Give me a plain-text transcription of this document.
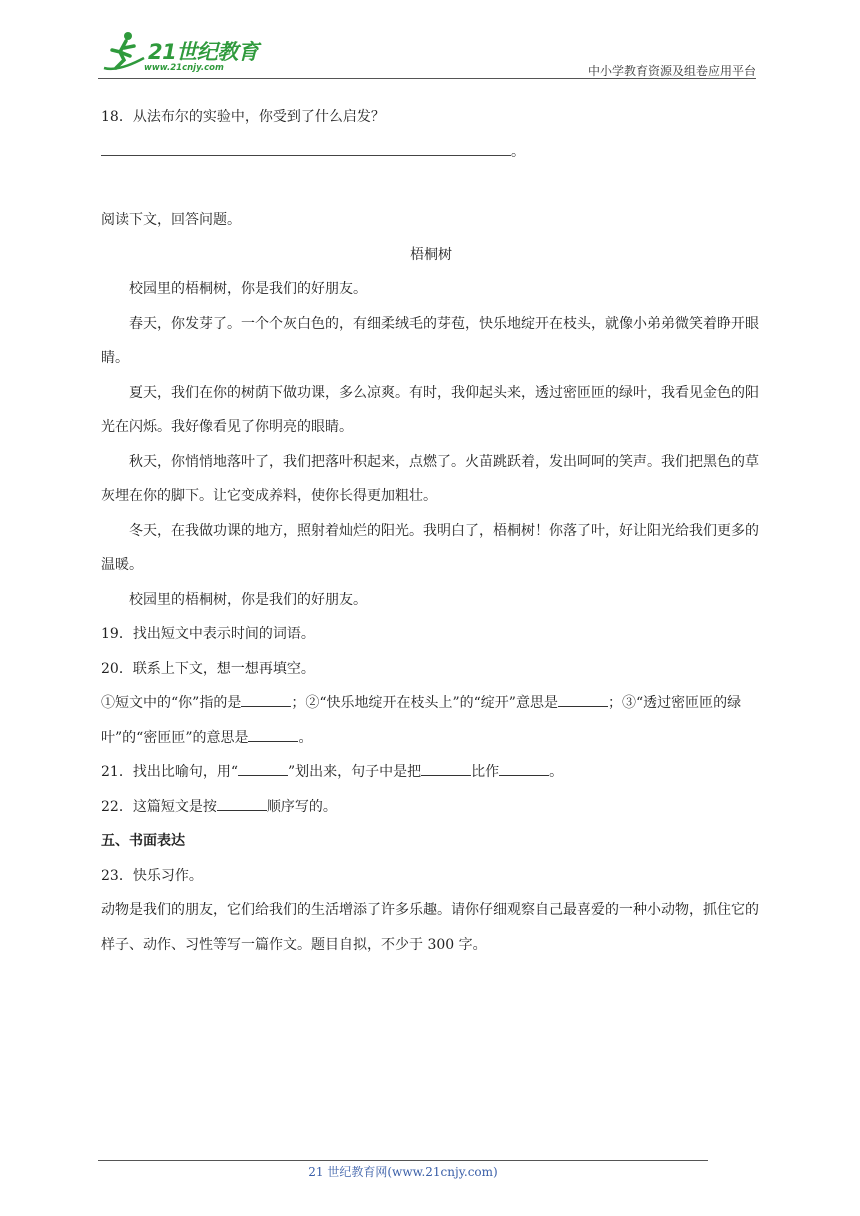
21世纪教育
www.21cnjy.com	中小学教育资源及组卷应用平台

18．从法布尔的实验中，你受到了什么启发？

。

阅读下文，回答问题。

梧桐树

校园里的梧桐树，你是我们的好朋友。

春天，你发芽了。一个个灰白色的，有细柔绒毛的芽苞，快乐地绽开在枝头，就像小弟弟微笑着睁开眼睛。

夏天，我们在你的树荫下做功课，多么凉爽。有时，我仰起头来，透过密匝匝的绿叶，我看见金色的阳光在闪烁。我好像看见了你明亮的眼睛。

秋天，你悄悄地落叶了，我们把落叶积起来，点燃了。火苗跳跃着，发出呵呵的笑声。我们把黑色的草灰埋在你的脚下。让它变成养料，使你长得更加粗壮。

冬天，在我做功课的地方，照射着灿烂的阳光。我明白了，梧桐树！你落了叶，好让阳光给我们更多的温暖。

校园里的梧桐树，你是我们的好朋友。

19．找出短文中表示时间的词语。

20．联系上下文，想一想再填空。

①短文中的“你”指的是	；②“快乐地绽开在枝头上”的“绽开”意思是	；③“透过密匝匝的绿叶”的“密匝匝”的意思是	。

21．找出比喻句，用“	”划出来，句子中是把	比作	。

22．这篇短文是按	顺序写的。

五、书面表达

23．快乐习作。

动物是我们的朋友，它们给我们的生活增添了许多乐趣。请你仔细观察自己最喜爱的一种小动物，抓住它的样子、动作、习性等写一篇作文。题目自拟，不少于 300 字。

21 世纪教育网(www.21cnjy.com)
